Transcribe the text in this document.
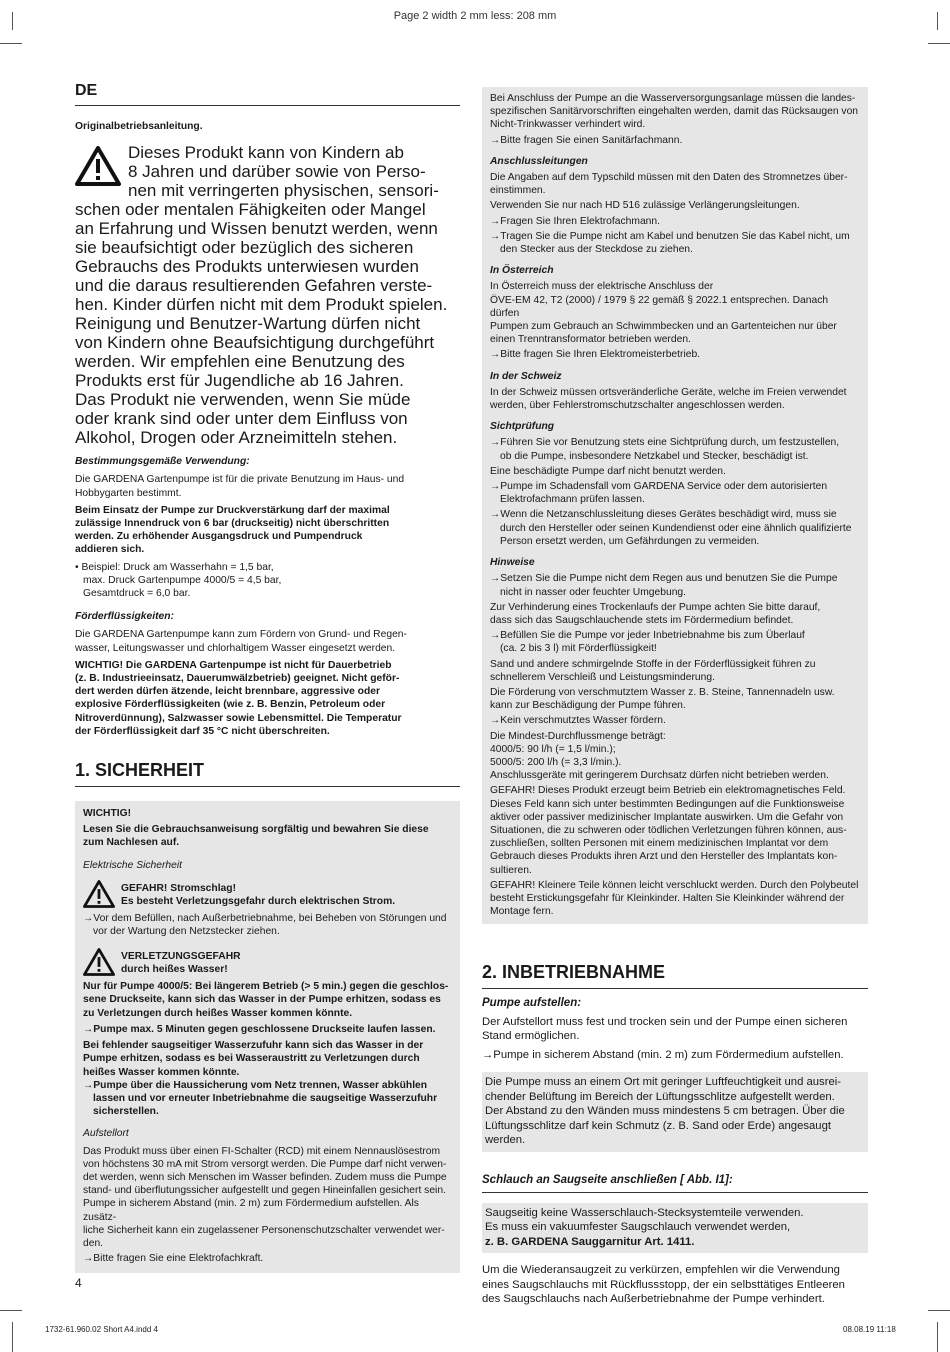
Page 2 width 2 mm less: 208 mm
DE

Originalbetriebsanleitung.

Dieses Produkt kann von Kindern ab
8 Jahren und darüber sowie von Perso-
nen mit verringerten physischen, sensori-
schen oder mentalen Fähigkeiten oder Mangel
an Erfahrung und Wissen benutzt werden, wenn
sie beaufsichtigt oder bezüglich des sicheren
Gebrauchs des Produkts unterwiesen wurden
und die daraus resultierenden Gefahren verste-
hen. Kinder dürfen nicht mit dem Produkt spielen.
Reinigung und Benutzer-Wartung dürfen nicht
von Kindern ohne Beaufsichtigung durchgeführt
werden. Wir empfehlen eine Benutzung des
Produkts erst für Jugendliche ab 16 Jahren.
Das Produkt nie verwenden, wenn Sie müde
oder krank sind oder unter dem Einfluss von
Alkohol, Drogen oder Arzneimitteln stehen.

Bestimmungsgemäße Verwendung:

Die GARDENA Gartenpumpe ist für die private Benutzung im Haus- und
Hobbygarten bestimmt.

Beim Einsatz der Pumpe zur Druckverstärkung darf der maximal
zulässige Innendruck von 6 bar (druckseitig) nicht überschritten
werden. Zu erhöhender Ausgangsdruck und Pumpendruck
addieren sich.

• Beispiel: Druck am Wasserhahn = 1,5 bar,
max. Druck Gartenpumpe 4000/5 = 4,5 bar,
Gesamtdruck = 6,0 bar.

Förderflüssigkeiten:

Die GARDENA Gartenpumpe kann zum Fördern von Grund- und Regen-
wasser, Leitungswasser und chlorhaltigem Wasser eingesetzt werden.

WICHTIG! Die GARDENA Gartenpumpe ist nicht für Dauerbetrieb
(z. B. Industrieeinsatz, Dauerumwälzbetrieb) geeignet. Nicht geför-
dert werden dürfen ätzende, leicht brennbare, aggressive oder
explosive Förderflüssigkeiten (wie z. B. Benzin, Petroleum oder
Nitroverdünnung), Salzwasser sowie Lebensmittel. Die Temperatur
der Förderflüssigkeit darf 35 °C nicht überschreiten.

1. SICHERHEIT

WICHTIG!

Lesen Sie die Gebrauchsanweisung sorgfältig und bewahren Sie diese
zum Nachlesen auf.

Elektrische Sicherheit

GEFAHR! Stromschlag!
Es besteht Verletzungsgefahr durch elektrischen Strom.

→ Vor dem Befüllen, nach Außerbetriebnahme, bei Beheben von Störungen und
vor der Wartung den Netzstecker ziehen.

VERLETZUNGSGEFAHR
durch heißes Wasser!

Nur für Pumpe 4000/5: Bei längerem Betrieb (> 5 min.) gegen die geschlos-
sene Druckseite, kann sich das Wasser in der Pumpe erhitzen, sodass es
zu Verletzungen durch heißes Wasser kommen könnte.

→ Pumpe max. 5 Minuten gegen geschlossene Druckseite laufen lassen.

Bei fehlender saugseitiger Wasserzufuhr kann sich das Wasser in der
Pumpe erhitzen, sodass es bei Wasseraustritt zu Verletzungen durch
heißes Wasser kommen könnte.

→ Pumpe über die Haussicherung vom Netz trennen, Wasser abkühlen
lassen und vor erneuter Inbetriebnahme die saugseitige Wasserzufuhr
sicherstellen.

Aufstellort

Das Produkt muss über einen FI-Schalter (RCD) mit einem Nennauslösestrom
von höchstens 30 mA mit Strom versorgt werden. Die Pumpe darf nicht verwen-
det werden, wenn sich Menschen im Wasser befinden. Zudem muss die Pumpe
stand- und überflutungssicher aufgestellt und gegen Hineinfallen gesichert sein.
Pumpe in sicherem Abstand (min. 2 m) zum Fördermedium aufstellen. Als zusätz-
liche Sicherheit kann ein zugelassener Personenschutzschalter verwendet wer-
den.

→ Bitte fragen Sie eine Elektrofachkraft.

Bei Anschluss der Pumpe an die Wasserversorgungsanlage müssen die landes-
spezifischen Sanitärvorschriften eingehalten werden, damit das Rücksaugen von
Nicht-Trinkwasser verhindert wird.

→ Bitte fragen Sie einen Sanitärfachmann.

Anschlussleitungen

Die Angaben auf dem Typschild müssen mit den Daten des Stromnetzes über-
einstimmen.

Verwenden Sie nur nach HD 516 zulässige Verlängerungsleitungen.

→ Fragen Sie Ihren Elektrofachmann.

→ Tragen Sie die Pumpe nicht am Kabel und benutzen Sie das Kabel nicht, um
den Stecker aus der Steckdose zu ziehen.

In Österreich

In Österreich muss der elektrische Anschluss der
ÖVE-EM 42, T2 (2000) / 1979 § 22 gemäß § 2022.1 entsprechen. Danach dürfen
Pumpen zum Gebrauch an Schwimmbecken und an Gartenteichen nur über
einen Trenntransformator betrieben werden.

→ Bitte fragen Sie Ihren Elektromeisterbetrieb.

In der Schweiz

In der Schweiz müssen ortsveränderliche Geräte, welche im Freien verwendet
werden, über Fehlerstromschutzschalter angeschlossen werden.

Sichtprüfung

→ Führen Sie vor Benutzung stets eine Sichtprüfung durch, um festzustellen,
ob die Pumpe, insbesondere Netzkabel und Stecker, beschädigt ist.

Eine beschädigte Pumpe darf nicht benutzt werden.

→ Pumpe im Schadensfall vom GARDENA Service oder dem autorisierten
Elektrofachmann prüfen lassen.

→ Wenn die Netzanschlussleitung dieses Gerätes beschädigt wird, muss sie
durch den Hersteller oder seinen Kundendienst oder eine ähnlich qualifizierte
Person ersetzt werden, um Gefährdungen zu vermeiden.

Hinweise

→ Setzen Sie die Pumpe nicht dem Regen aus und benutzen Sie die Pumpe
nicht in nasser oder feuchter Umgebung.

Zur Verhinderung eines Trockenlaufs der Pumpe achten Sie bitte darauf,
dass sich das Saugschlauchende stets im Fördermedium befindet.

→ Befüllen Sie die Pumpe vor jeder Inbetriebnahme bis zum Überlauf
(ca. 2 bis 3 l) mit Förderflüssigkeit!

Sand und andere schmirgelnde Stoffe in der Förderflüssigkeit führen zu
schnellerem Verschleiß und Leistungsminderung.

Die Förderung von verschmutztem Wasser z. B. Steine, Tannennadeln usw.
kann zur Beschädigung der Pumpe führen.

→ Kein verschmutztes Wasser fördern.

Die Mindest-Durchflussmenge beträgt:
4000/5: 90 l/h (= 1,5 l/min.);
5000/5: 200 l/h (= 3,3 l/min.).
Anschlussgeräte mit geringerem Durchsatz dürfen nicht betrieben werden.

GEFAHR! Dieses Produkt erzeugt beim Betrieb ein elektromagnetisches Feld.
Dieses Feld kann sich unter bestimmten Bedingungen auf die Funktionsweise
aktiver oder passiver medizinischer Implantate auswirken. Um die Gefahr von
Situationen, die zu schweren oder tödlichen Verletzungen führen können, aus-
zuschließen, sollten Personen mit einem medizinischen Implantat vor dem
Gebrauch dieses Produkts ihren Arzt und den Hersteller des Implantats kon-
sultieren.

GEFAHR! Kleinere Teile können leicht verschluckt werden. Durch den Polybeutel
besteht Erstickungsgefahr für Kleinkinder. Halten Sie Kleinkinder während der
Montage fern.

2. INBETRIEBNAHME

Pumpe aufstellen:

Der Aufstellort muss fest und trocken sein und der Pumpe einen sicheren
Stand ermöglichen.

→ Pumpe in sicherem Abstand (min. 2 m) zum Fördermedium aufstellen.

Die Pumpe muss an einem Ort mit geringer Luftfeuchtigkeit und ausrei-
chender Belüftung im Bereich der Lüftungsschlitze aufgestellt werden.
Der Abstand zu den Wänden muss mindestens 5 cm betragen. Über die
Lüftungsschlitze darf kein Schmutz (z. B. Sand oder Erde) angesaugt
werden.

Schlauch an Saugseite anschließen [ Abb. I1]:

Saugseitig keine Wasserschlauch-Stecksystemteile verwenden.
Es muss ein vakuumfester Saugschlauch verwendet werden,

z. B. GARDENA Sauggarnitur Art. 1411.

Um die Wiederansaugzeit zu verkürzen, empfehlen wir die Verwendung
eines Saugschlauchs mit Rückflussstopp, der ein selbsttätiges Entleeren
des Saugschlauchs nach Außerbetriebnahme der Pumpe verhindert.

4
1732-61.960.02 Short A4.indd 4	08.08.19 11:18
